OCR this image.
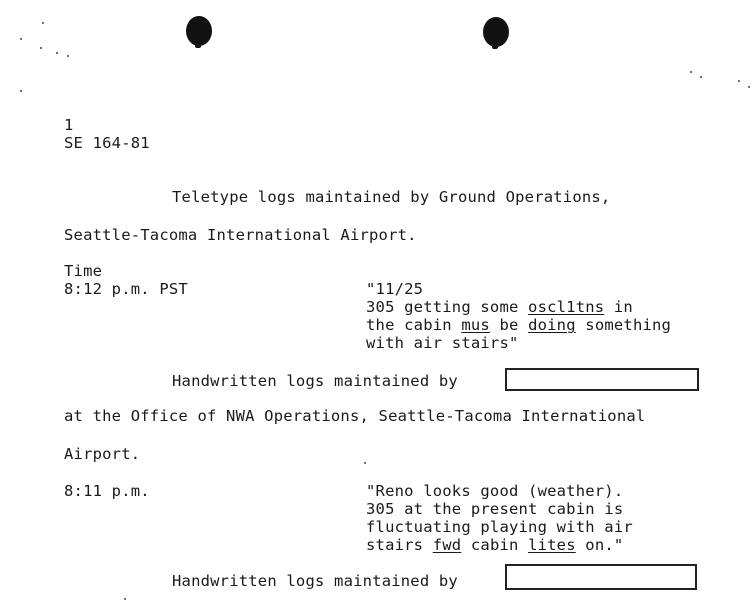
1

SE 164-81

Teletype logs maintained by Ground Operations,

Seattle-Tacoma International Airport.

Time

8:12 p.m. PST	"11/25

305 getting some oscl1tns in

the cabin mus be doing something

with air stairs"

Handwritten logs maintained by

at the Office of NWA Operations, Seattle-Tacoma International

Airport.

8:11 p.m.	"Reno looks good (weather).

305 at the present cabin is

fluctuating playing with air

stairs fwd cabin lites on."

Handwritten logs maintained by
